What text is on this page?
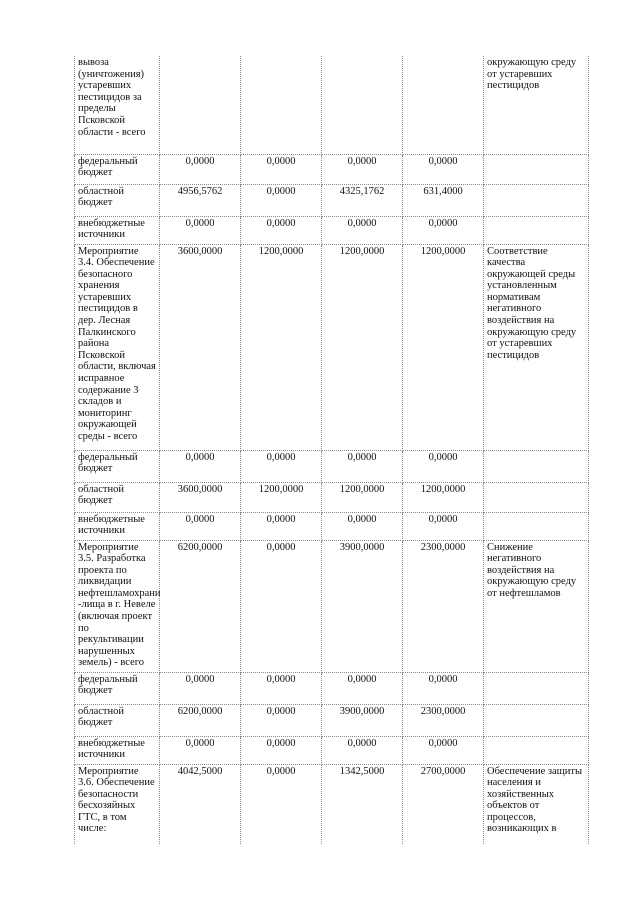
вывоза (уничтожения) устаревших пестицидов за пределы Псковской области - всего					окружающую среду от устаревших пестицидов
федеральный бюджет	0,0000	0,0000	0,0000	0,0000	
областной бюджет	4956,5762	0,0000	4325,1762	631,4000	
внебюджетные источники	0,0000	0,0000	0,0000	0,0000	
Мероприятие 3.4. Обеспечение безопасного хранения устаревших пестицидов в дер. Лесная Палкинского района Псковской области, включая исправное содержание 3 складов и мониторинг окружающей среды - всего	3600,0000	1200,0000	1200,0000	1200,0000	Соответствие качества окружающей среды установленным нормативам негативного воздействия на окружающую среду от устаревших пестицидов
федеральный бюджет	0,0000	0,0000	0,0000	0,0000	
областной бюджет	3600,0000	1200,0000	1200,0000	1200,0000	
внебюджетные источники	0,0000	0,0000	0,0000	0,0000	
Мероприятие 3.5. Разработка проекта по ликвидации нефтешламохрани -лища в г. Невеле (включая проект по рекультивации нарушенных земель) - всего	6200,0000	0,0000	3900,0000	2300,0000	Снижение негативного воздействия на окружающую среду от нефтешламов
федеральный бюджет	0,0000	0,0000	0,0000	0,0000	
областной бюджет	6200,0000	0,0000	3900,0000	2300,0000	
внебюджетные источники	0,0000	0,0000	0,0000	0,0000	
Мероприятие 3.6. Обеспечение безопасности бесхозяйных ГТС, в том числе:	4042,5000	0,0000	1342,5000	2700,0000	Обеспечение защиты населения и хозяйственных объектов от процессов, возникающих в
